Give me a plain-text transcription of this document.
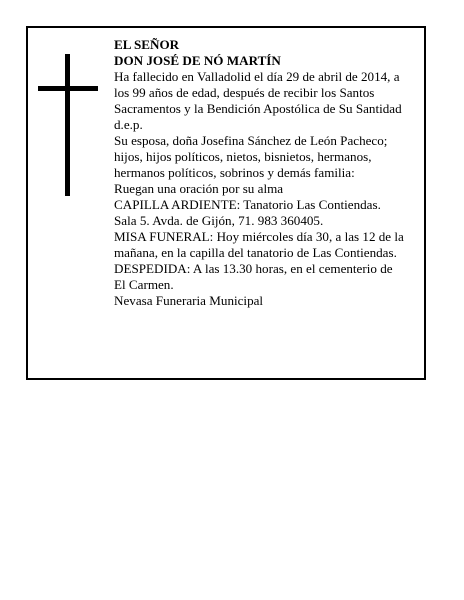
EL SEÑOR
DON JOSÉ DE NÓ MARTÍN
Ha fallecido en Valladolid el día 29 de abril de 2014, a
los 99 años de edad, después de recibir los Santos
Sacramentos y la Bendición Apostólica de Su Santidad
d.e.p.
Su esposa, doña Josefina Sánchez de León Pacheco;
hijos, hijos políticos, nietos, bisnietos, hermanos,
hermanos políticos, sobrinos y demás familia:
Ruegan una oración por su alma
CAPILLA ARDIENTE: Tanatorio Las Contiendas.
Sala 5. Avda. de Gijón, 71. 983 360405.
MISA FUNERAL: Hoy miércoles día 30, a las 12 de la
mañana, en la capilla del tanatorio de Las Contiendas.
DESPEDIDA: A las 13.30 horas, en el cementerio de
El Carmen.
Nevasa Funeraria Municipal
